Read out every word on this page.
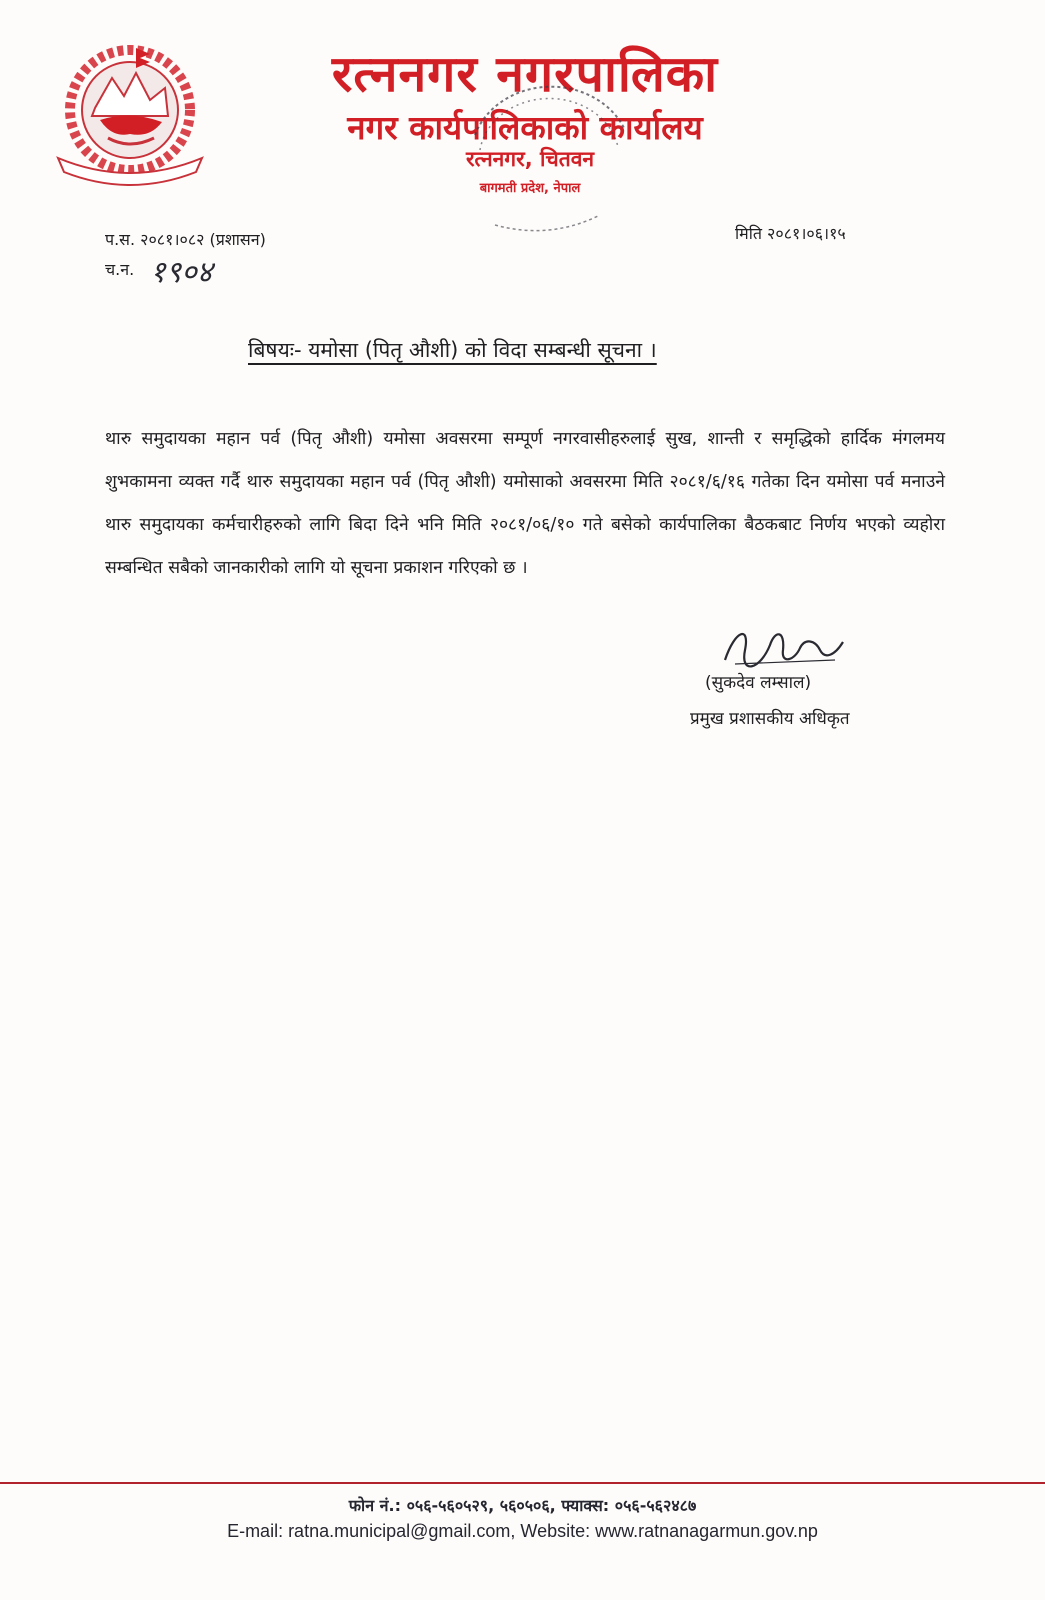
रत्ननगर नगरपालिका
नगर कार्यपालिकाको कार्यालय
रत्ननगर, चितवन
बागमती प्रदेश, नेपाल
प.स. २०८१।०८२ (प्रशासन)	मिति २०८१।०६।१५
च.न. १९०४
बिषयः- यमोसा (पितृ औशी) को विदा सम्बन्धी सूचना ।
थारु समुदायका महान पर्व (पितृ औशी) यमोसा अवसरमा सम्पूर्ण नगरवासीहरुलाई सुख, शान्ती र समृद्धिको हार्दिक मंगलमय शुभकामना व्यक्त गर्दै थारु समुदायका महान पर्व (पितृ औशी) यमोसाको अवसरमा मिति २०८१/६/१६ गतेका दिन यमोसा पर्व मनाउने थारु समुदायका कर्मचारीहरुको लागि बिदा दिने भनि मिति २०८१/०६/१० गते बसेको कार्यपालिका बैठकबाट निर्णय भएको व्यहोरा सम्बन्धित सबैको जानकारीको लागि यो सूचना प्रकाशन गरिएको छ ।
(सुकदेव लम्साल)
प्रमुख प्रशासकीय अधिकृत
फोन नं.: ०५६-५६०५२९, ५६०५०६, फ्याक्स: ०५६-५६२४८७
E-mail: ratna.municipal@gmail.com, Website: www.ratnanagarmun.gov.np
